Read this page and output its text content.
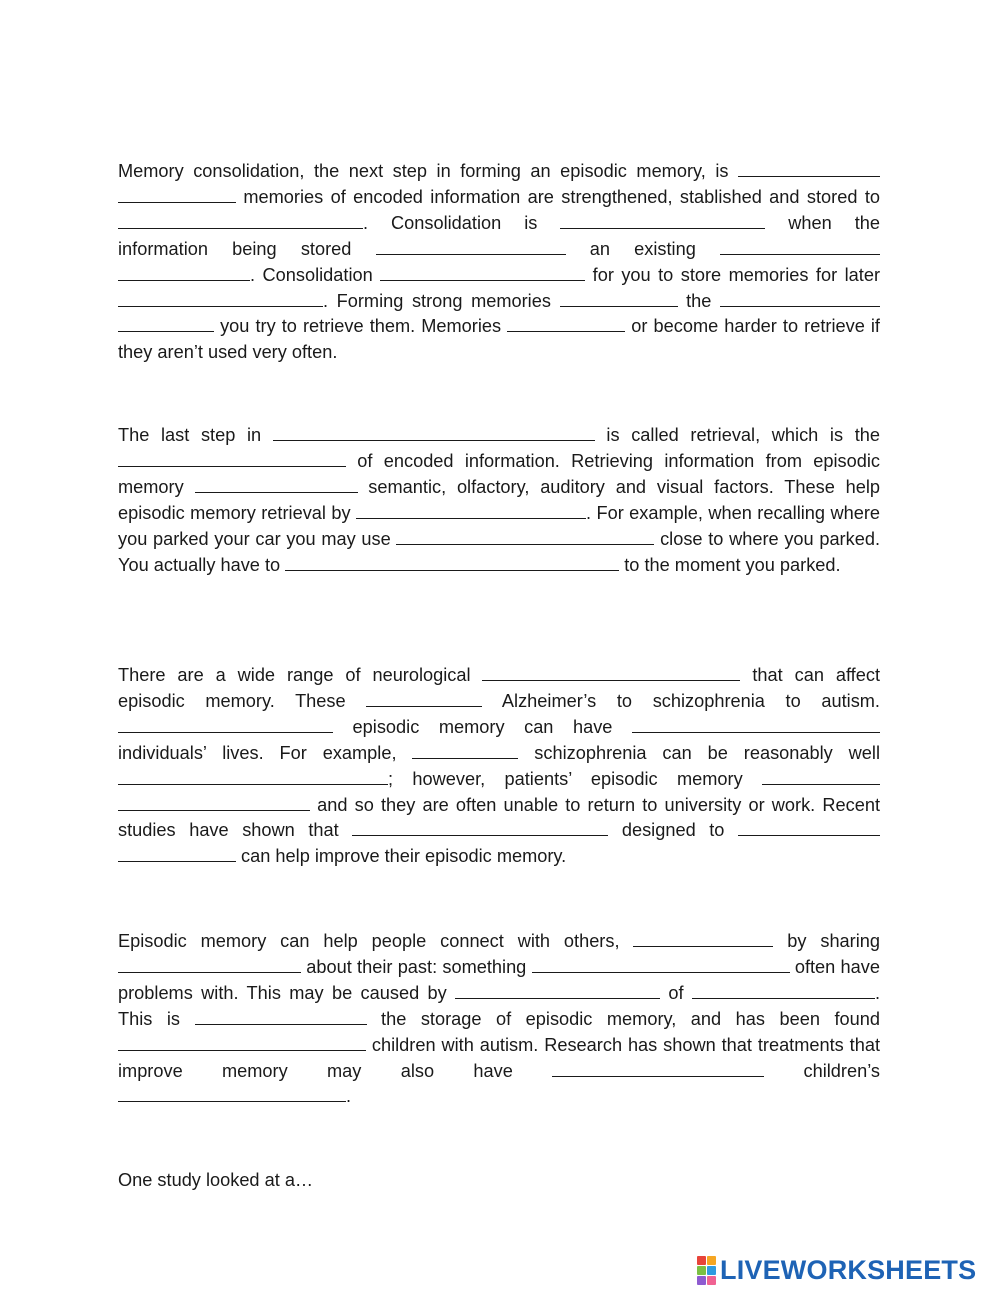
Memory consolidation, the next step in forming an episodic memory, is   memories of encoded information are strengthened, stablished and stored to . Consolidation is	when the information being stored	an existing  . Consolidation	for you to store memories for later . Forming strong memories	the   you try to retrieve them. Memories	or become harder to retrieve if they aren’t used very often.
The last step in	is called retrieval, which is the  of encoded information. Retrieving information from episodic memory	semantic, olfactory, auditory and visual factors. These help episodic memory retrieval by	. For example, when recalling where you parked your car you may use	close to where you parked. You actually have to	to the moment you parked.
There are a wide range of neurological	that can affect episodic memory. These	Alzheimer’s to schizophrenia to autism.  episodic memory can have  individuals’ lives. For example,	schizophrenia can be reasonably well ; however, patients’ episodic memory   and so they are often unable to return to university or work. Recent studies have shown that	designed to   can help improve their episodic memory.
Episodic memory can help people connect with others,	by sharing  about their past: something	often have problems with. This may be caused by	of	. This is	the storage of episodic memory, and has been found  children with autism. Research has shown that treatments that improve memory may also have	children’s .
One study looked at a…
LIVEWORKSHEETS
